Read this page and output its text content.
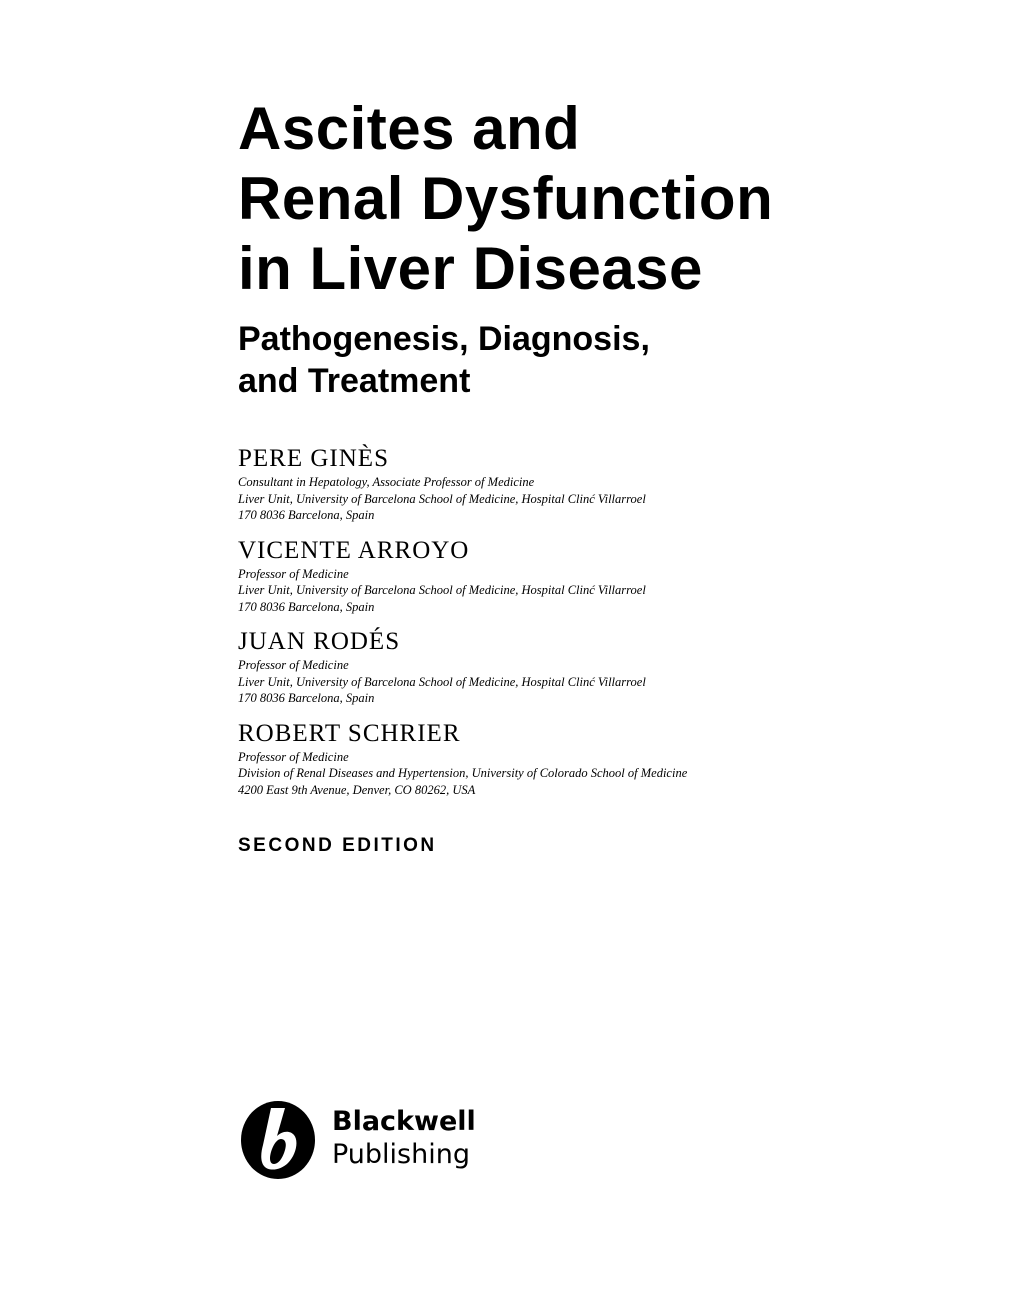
Ascites and
Renal Dysfunction
in Liver Disease
Pathogenesis, Diagnosis,
and Treatment
PERE GINÈS
Consultant in Hepatology, Associate Professor of Medicine
Liver Unit, University of Barcelona School of Medicine, Hospital Clinć Villarroel
170 8036 Barcelona, Spain
VICENTE ARROYO
Professor of Medicine
Liver Unit, University of Barcelona School of Medicine, Hospital Clinć Villarroel
170 8036 Barcelona, Spain
JUAN RODÉS
Professor of Medicine
Liver Unit, University of Barcelona School of Medicine, Hospital Clinć Villarroel
170 8036 Barcelona, Spain
ROBERT SCHRIER
Professor of Medicine
Division of Renal Diseases and Hypertension, University of Colorado School of Medicine
4200 East 9th Avenue, Denver, CO 80262, USA
SECOND EDITION
Blackwell
Publishing
